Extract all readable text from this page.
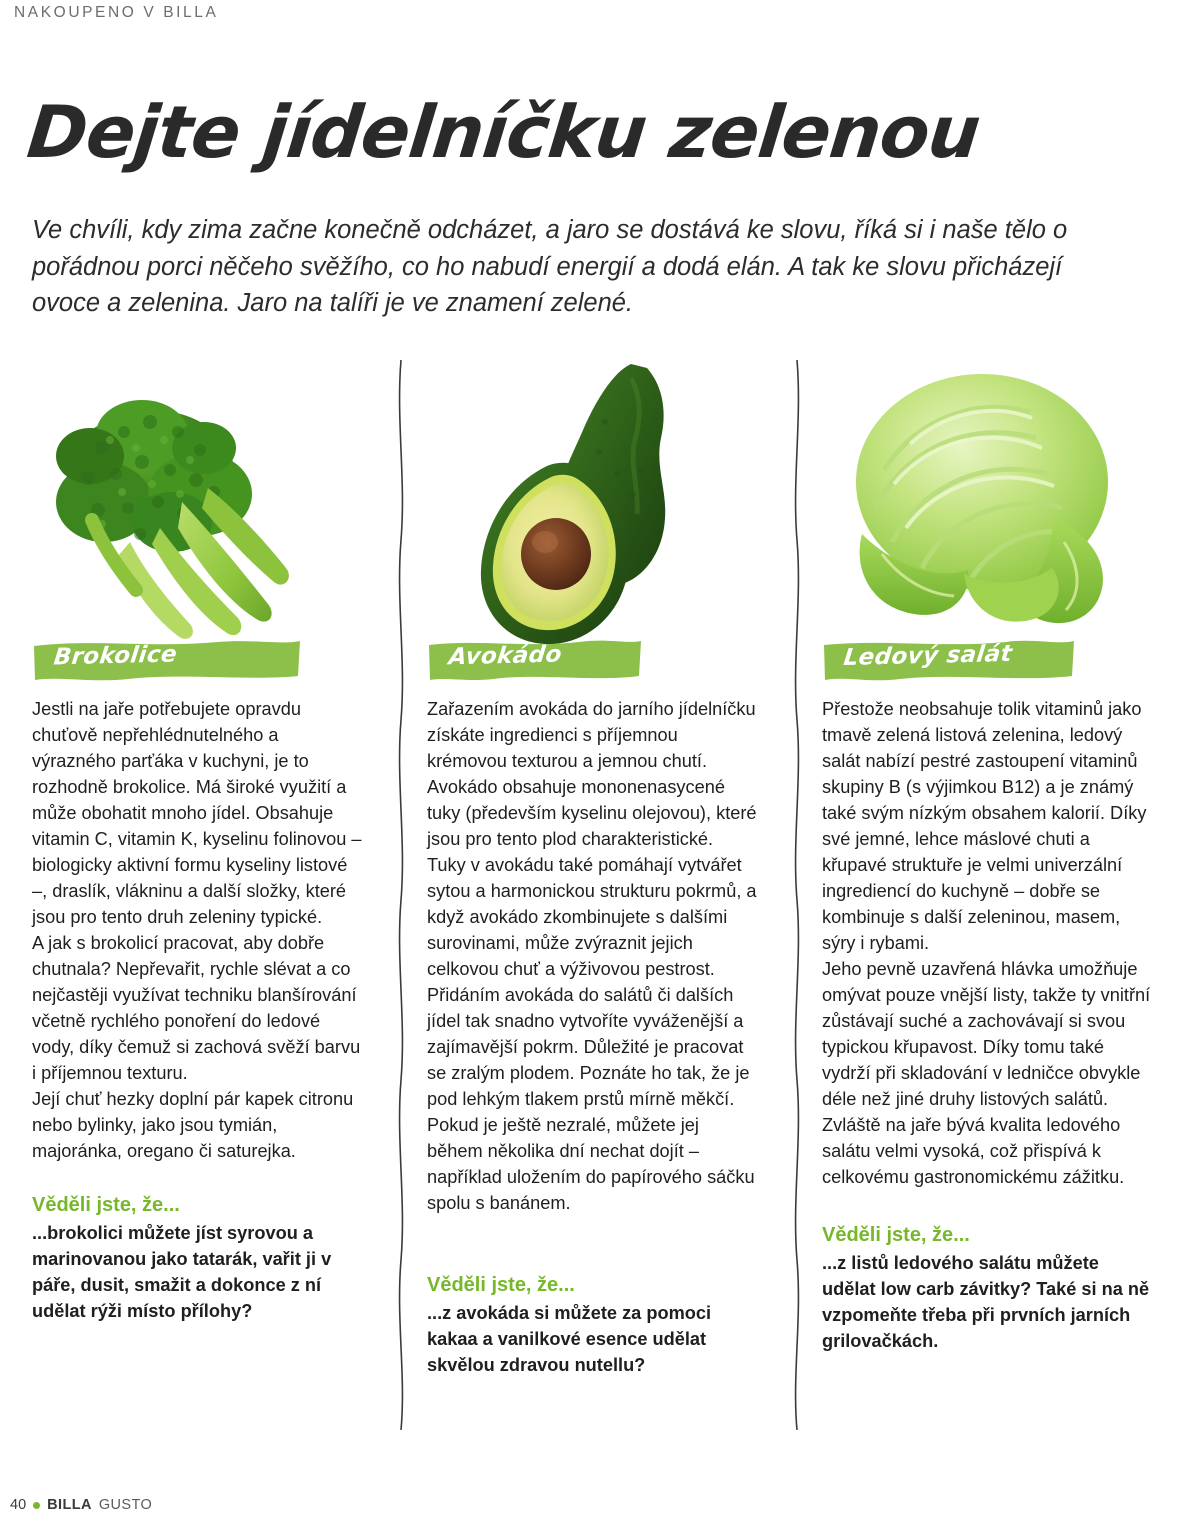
NAKOUPENO V BILLA
Dejte jídelníčku zelenou
Ve chvíli, kdy zima začne konečně odcházet, a jaro se dostává ke slovu, říká si i naše tělo o pořádnou porci něčeho svěžího, co ho nabudí energií a dodá elán. A tak ke slovu přicházejí ovoce a zelenina. Jaro na talíři je ve znamení zelené.
Brokolice

Jestli na jaře potřebujete opravdu chuťově nepřehlédnutelného a výrazného parťáka v kuchyni, je to rozhodně brokolice. Má široké využití a může obohatit mnoho jídel. Obsahuje vitamin C, vitamin K, kyselinu folinovou – biologicky aktivní formu kyseliny listové –, draslík, vlákninu a další složky, které jsou pro tento druh zeleniny typické.
A jak s brokolicí pracovat, aby dobře chutnala? Nepřevařit, rychle slévat a co nejčastěji využívat techniku blanšírování včetně rychlého ponoření do ledové vody, díky čemuž si zachová svěží barvu i příjemnou texturu.
Její chuť hezky doplní pár kapek citronu nebo bylinky, jako jsou tymián, majoránka, oregano či saturejka.

Věděli jste, že...
...brokolici můžete jíst syrovou a marinovanou jako tatarák, vařit ji v páře, dusit, smažit a dokonce z ní udělat rýži místo přílohy?
Avokádo

Zařazením avokáda do jarního jídelníčku získáte ingredienci s příjemnou krémovou texturou a jemnou chutí. Avokádo obsahuje mononenasycené tuky (především kyselinu olejovou), které jsou pro tento plod charakteristické.
Tuky v avokádu také pomáhají vytvářet sytou a harmonickou strukturu pokrmů, a když avokádo zkombinujete s dalšími surovinami, může zvýraznit jejich celkovou chuť a výživovou pestrost. Přidáním avokáda do salátů či dalších jídel tak snadno vytvoříte vyváženější a zajímavější pokrm. Důležité je pracovat se zralým plodem. Poznáte ho tak, že je pod lehkým tlakem prstů mírně měkčí. Pokud je ještě nezralé, můžete jej během několika dní nechat dojít – například uložením do papírového sáčku spolu s banánem.

Věděli jste, že...
...z avokáda si můžete za pomoci kakaa a vanilkové esence udělat skvělou zdravou nutellu?
Ledový salát

Přestože neobsahuje tolik vitaminů jako tmavě zelená listová zelenina, ledový salát nabízí pestré zastoupení vitaminů skupiny B (s výjimkou B12) a je známý také svým nízkým obsahem kalorií. Díky své jemné, lehce máslové chuti a křupavé struktuře je velmi univerzální ingrediencí do kuchyně – dobře se kombinuje s další zeleninou, masem, sýry i rybami.
Jeho pevně uzavřená hlávka umožňuje omývat pouze vnější listy, takže ty vnitřní zůstávají suché a zachovávají si svou typickou křupavost. Díky tomu také vydrží při skladování v ledničce obvykle déle než jiné druhy listových salátů. Zvláště na jaře bývá kvalita ledového salátu velmi vysoká, což přispívá k celkovému gastronomickému zážitku.

Věděli jste, že...
...z listů ledového salátu můžete udělat low carb závitky? Také si na ně vzpomeňte třeba při prvních jarních grilovačkách.
40 BILLA GUSTO
